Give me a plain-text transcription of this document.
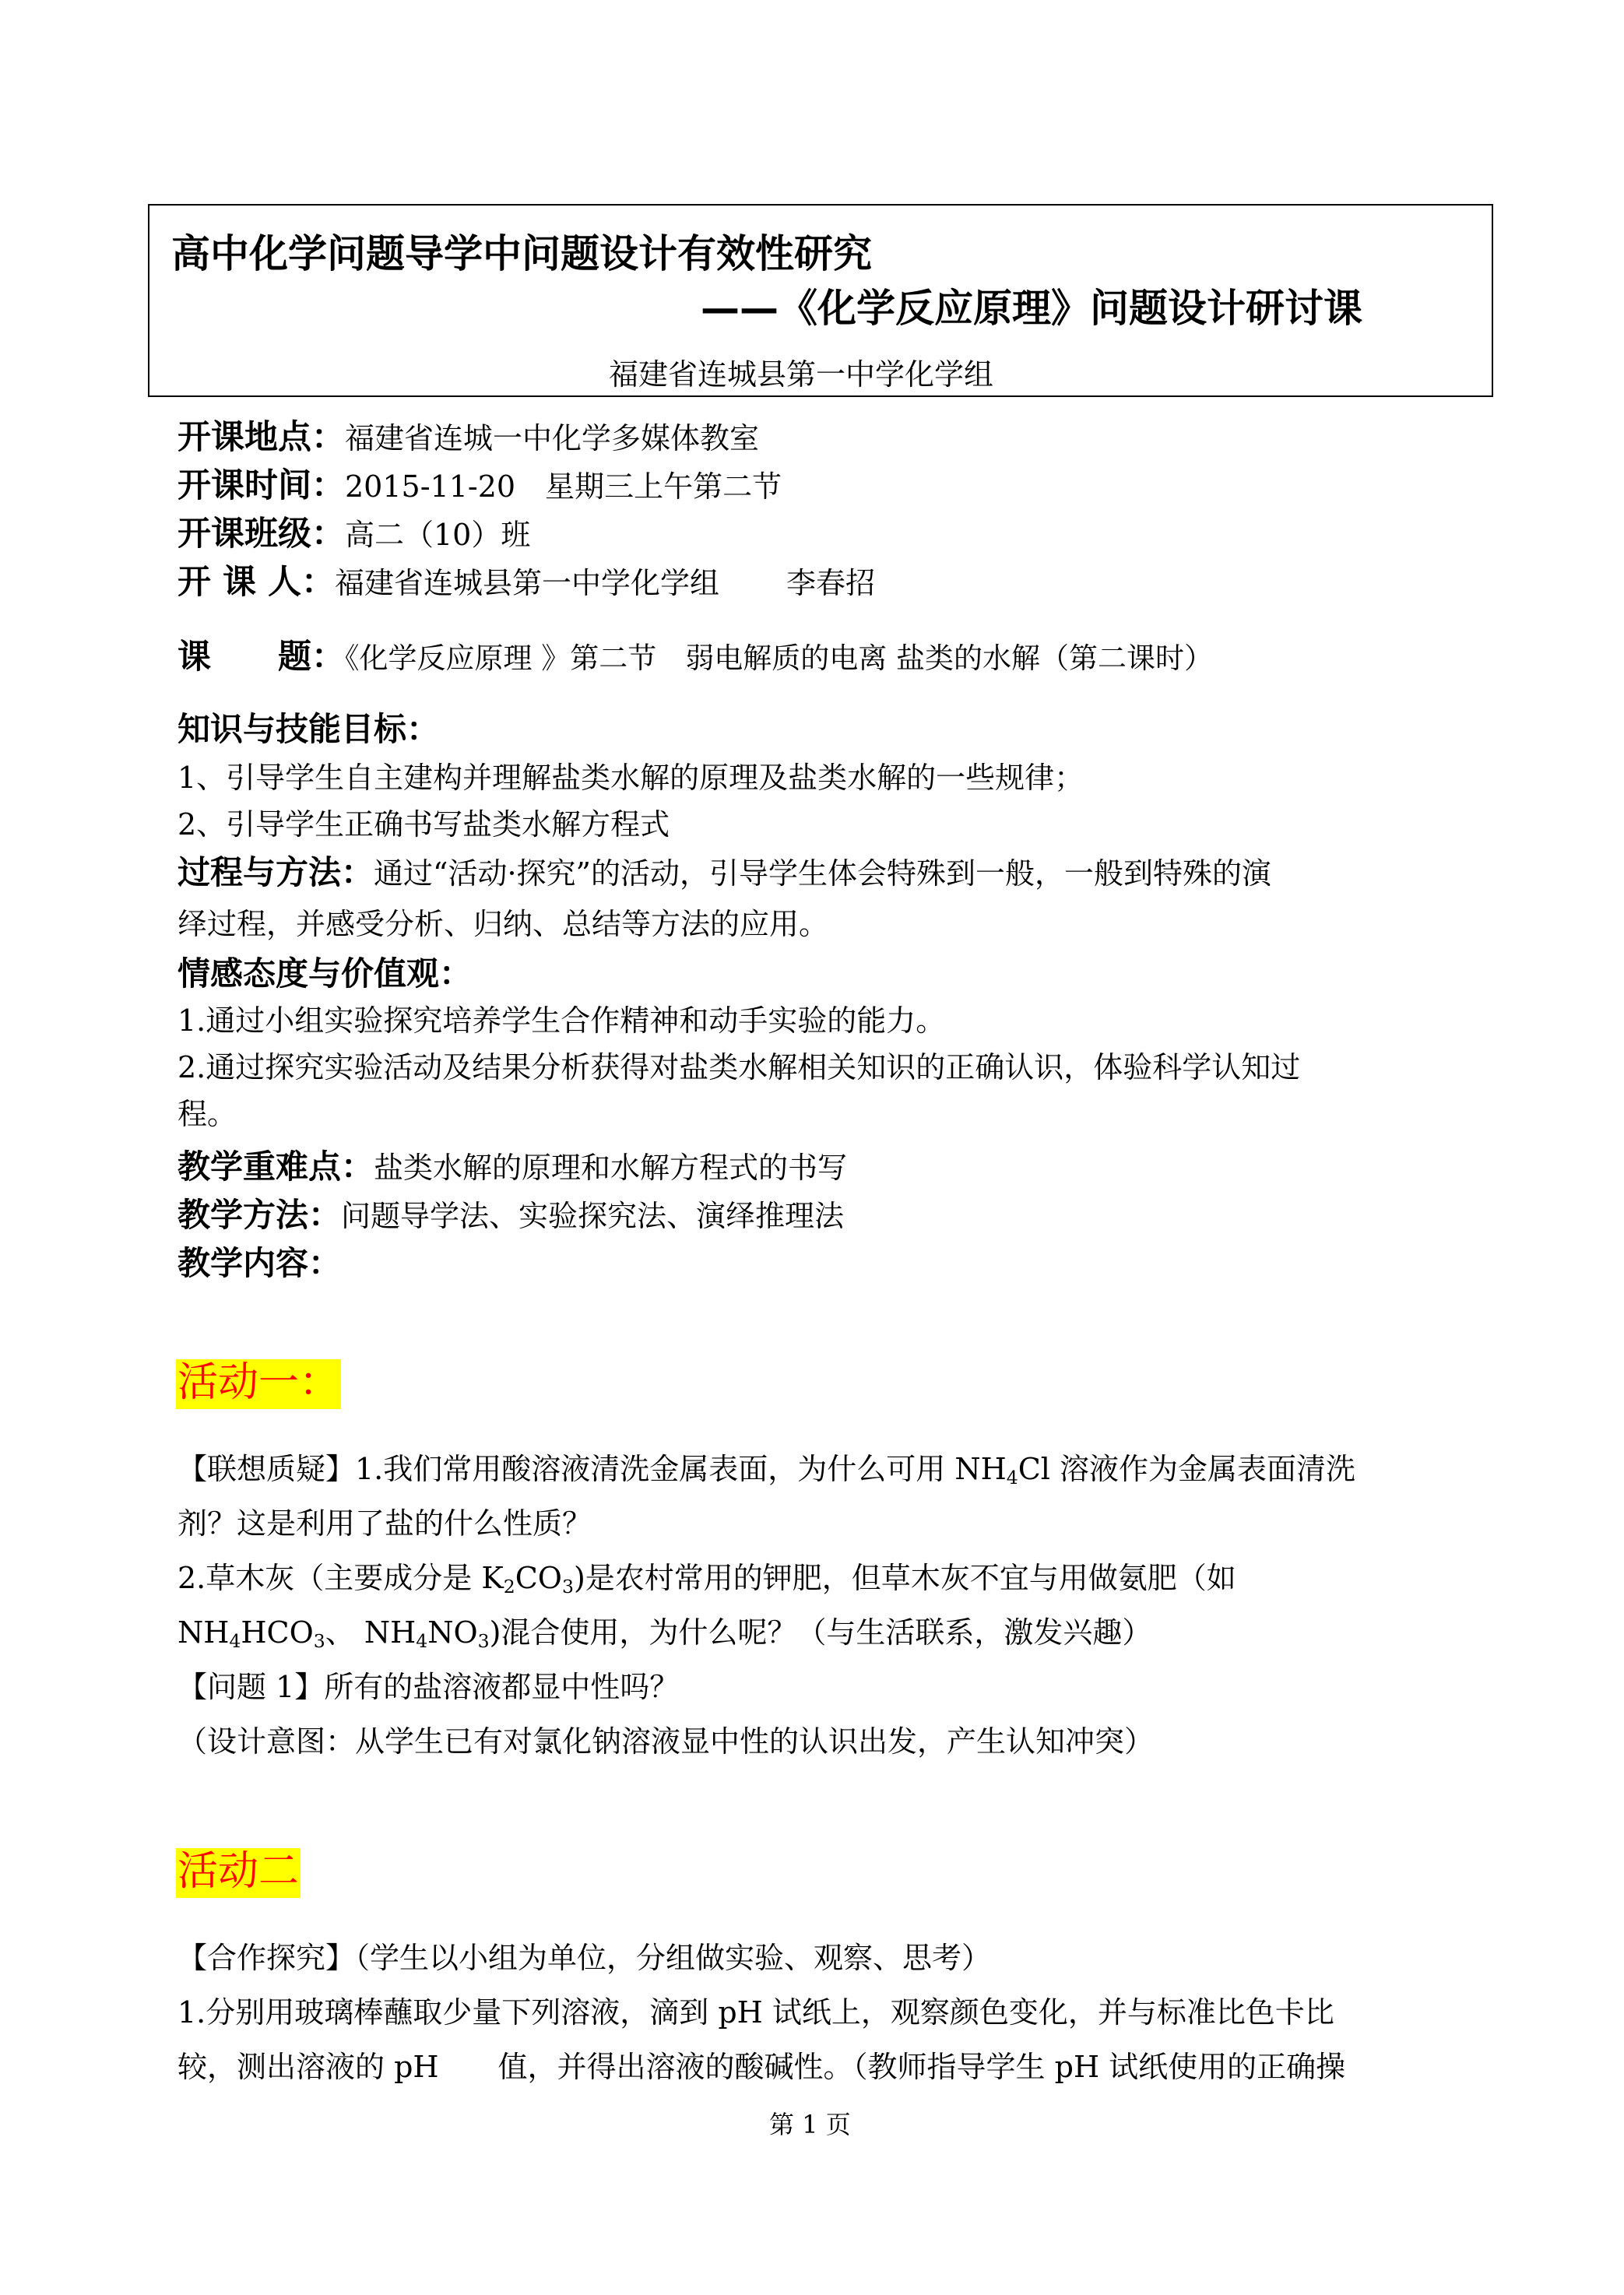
高中化学问题导学中问题设计有效性研究
——《化学反应原理》问题设计研讨课
福建省连城县第一中学化学组
开课地点：福建省连城一中化学多媒体教室
开课时间：2015-11-20　星期三上午第二节
开课班级：高二（10）班
开 课 人：福建省连城县第一中学化学组 李春招
课　　题：《化学反应原理 》第二节　弱电解质的电离 盐类的水解（第二课时）
知识与技能目标：
1、引导学生自主建构并理解盐类水解的原理及盐类水解的一些规律；
2、引导学生正确书写盐类水解方程式
过程与方法：通过“活动·探究”的活动，引导学生体会特殊到一般，一般到特殊的演
绎过程，并感受分析、归纳、总结等方法的应用。
情感态度与价值观：
1.通过小组实验探究培养学生合作精神和动手实验的能力。
2.通过探究实验活动及结果分析获得对盐类水解相关知识的正确认识，体验科学认知过
程。
教学重难点：盐类水解的原理和水解方程式的书写
教学方法：问题导学法、实验探究法、演绎推理法
教学内容：
活动一：
【联想质疑】1.我们常用酸溶液清洗金属表面，为什么可用 $NH_4Cl$ 溶液作为金属表面清洗
剂？这是利用了盐的什么性质？
2.草木灰（主要成分是 $K_2CO_3$)是农村常用的钾肥，但草木灰不宜与用做氨肥（如
$NH_4HCO_3$、 $NH_4NO_3$)混合使用，为什么呢？（与生活联系，激发兴趣）
【问题 1】所有的盐溶液都显中性吗？
（设计意图：从学生已有对氯化钠溶液显中性的认识出发，产生认知冲突）
活动二
【合作探究】（学生以小组为单位，分组做实验、观察、思考）
1.分别用玻璃棒蘸取少量下列溶液，滴到 pH 试纸上，观察颜色变化，并与标准比色卡比
较，测出溶液的 pH　　值，并得出溶液的酸碱性。（教师指导学生 pH 试纸使用的正确操
第 1 页
